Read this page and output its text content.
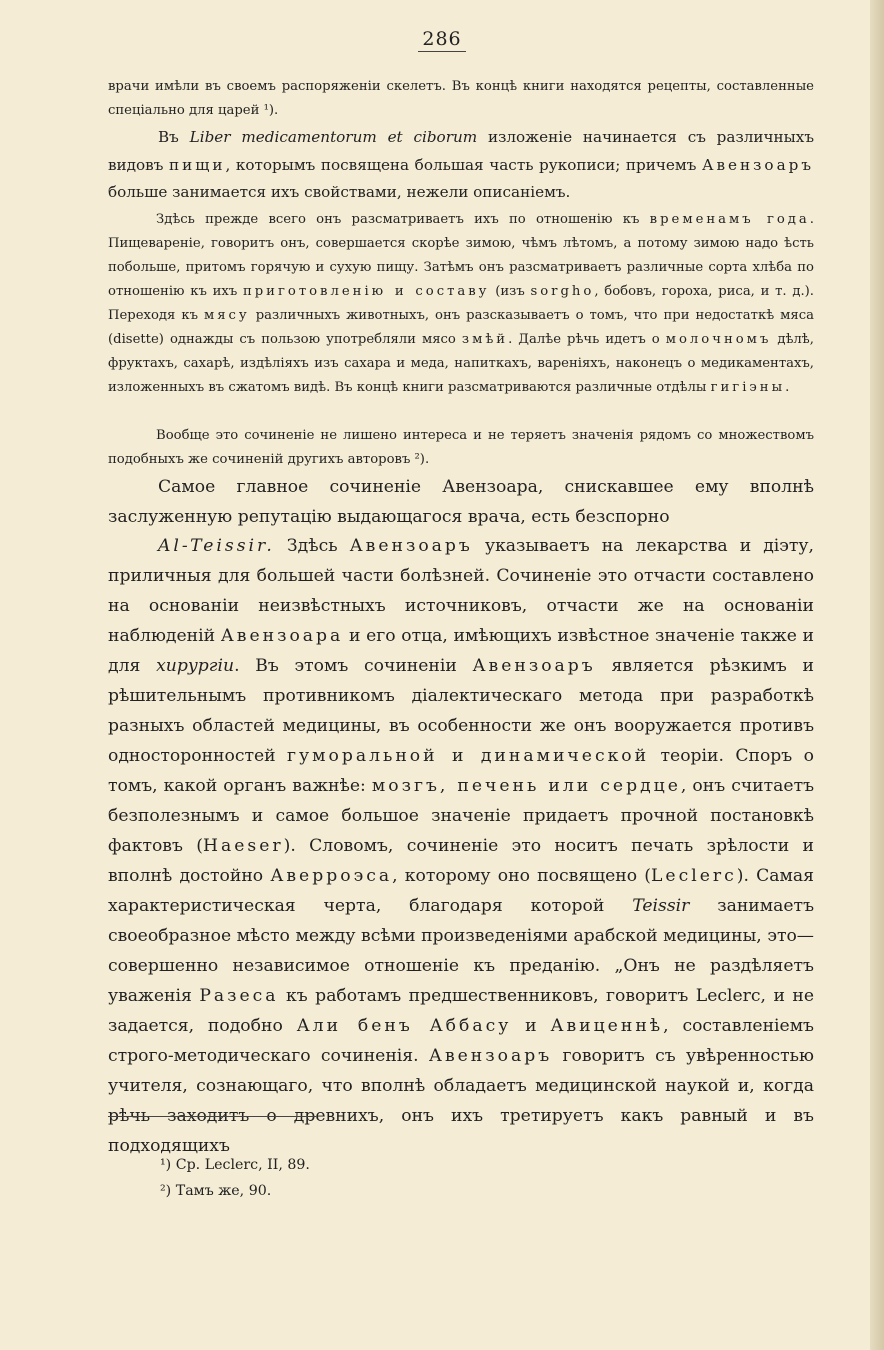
286

врачи имѣли въ своемъ распоряженіи скелетъ. Въ концѣ книги находятся рецепты, составленные спеціально для царей ¹).

Въ Liber medicamentorum et ciborum изложеніе начинается съ различныхъ видовъ пищи, которымъ посвящена большая часть рукописи; причемъ Авензоаръ больше занимается ихъ свойствами, нежели описаніемъ.

Здѣсь прежде всего онъ разсматриваетъ ихъ по отношенію къ временамъ года. Пищевареніе, говоритъ онъ, совершается скорѣе зимою, чѣмъ лѣтомъ, а потому зимою надо ѣсть побольше, притомъ горячую и сухую пищу. Затѣмъ онъ разсматриваетъ различные сорта хлѣба по отношенію къ ихъ приготовленію и составу (изъ sorgho, бобовъ, гороха, риса, и т. д.). Переходя къ мясу различныхъ животныхъ, онъ разсказываетъ о томъ, что при недостаткѣ мяса (disette) однажды съ пользою употребляли мясо змѣй. Далѣе рѣчь идетъ о молочномъ дѣлѣ, фруктахъ, сахарѣ, издѣліяхъ изъ сахара и меда, напиткахъ, вареніяхъ, наконецъ о медикаментахъ, изложенныхъ въ сжатомъ видѣ. Въ концѣ книги разсматриваются различные отдѣлы гигіэны.

Вообще это сочиненіе не лишено интереса и не теряетъ значенія рядомъ со множествомъ подобныхъ же сочиненій другихъ авторовъ ²).

Самое главное сочиненіе Авензоара, снискавшее ему вполнѣ заслуженную репутацію выдающагося врача, есть безспорно

Al-Teissir. Здѣсь Авензоаръ указываетъ на лекарства и діэту, приличныя для большей части болѣзней. Сочиненіе это отчасти составлено на основаніи неизвѣстныхъ источниковъ, отчасти же на основаніи наблюденій Авензоара и его отца, имѣющихъ извѣстное значеніе также и для хирургіи. Въ этомъ сочиненіи Авензоаръ является рѣзкимъ и рѣшительнымъ противникомъ діалектическаго метода при разработкѣ разныхъ областей медицины, въ особенности же онъ вооружается противъ односторонностей гуморальной и динамической теоріи. Споръ о томъ, какой органъ важнѣе: мозгъ, печень или сердце, онъ считаетъ безполезнымъ и самое большое значеніе придаетъ прочной постановкѣ фактовъ (Haeser). Словомъ, сочиненіе это носитъ печать зрѣлости и вполнѣ достойно Аверроэса, которому оно посвящено (Leclerc). Самая характеристическая черта, благодаря которой Teissir занимаетъ своеобразное мѣсто между всѣми произведеніями арабской медицины, это—совершенно независимое отношеніе къ преданію. „Онъ не раздѣляетъ уваженія Разеса къ работамъ предшественниковъ, говоритъ Leclerc, и не задается, подобно Али бенъ Аббасу и Авиценнѣ, составленіемъ строго-методическаго сочиненія. Авензоаръ говоритъ съ увѣренностью учителя, сознающаго, что вполнѣ обладаетъ медицинской наукой и, когда рѣчь заходитъ о древнихъ, онъ ихъ третируетъ какъ равный и въ подходящихъ

¹) Ср. Leclerc, II, 89.
²) Тамъ же, 90.
